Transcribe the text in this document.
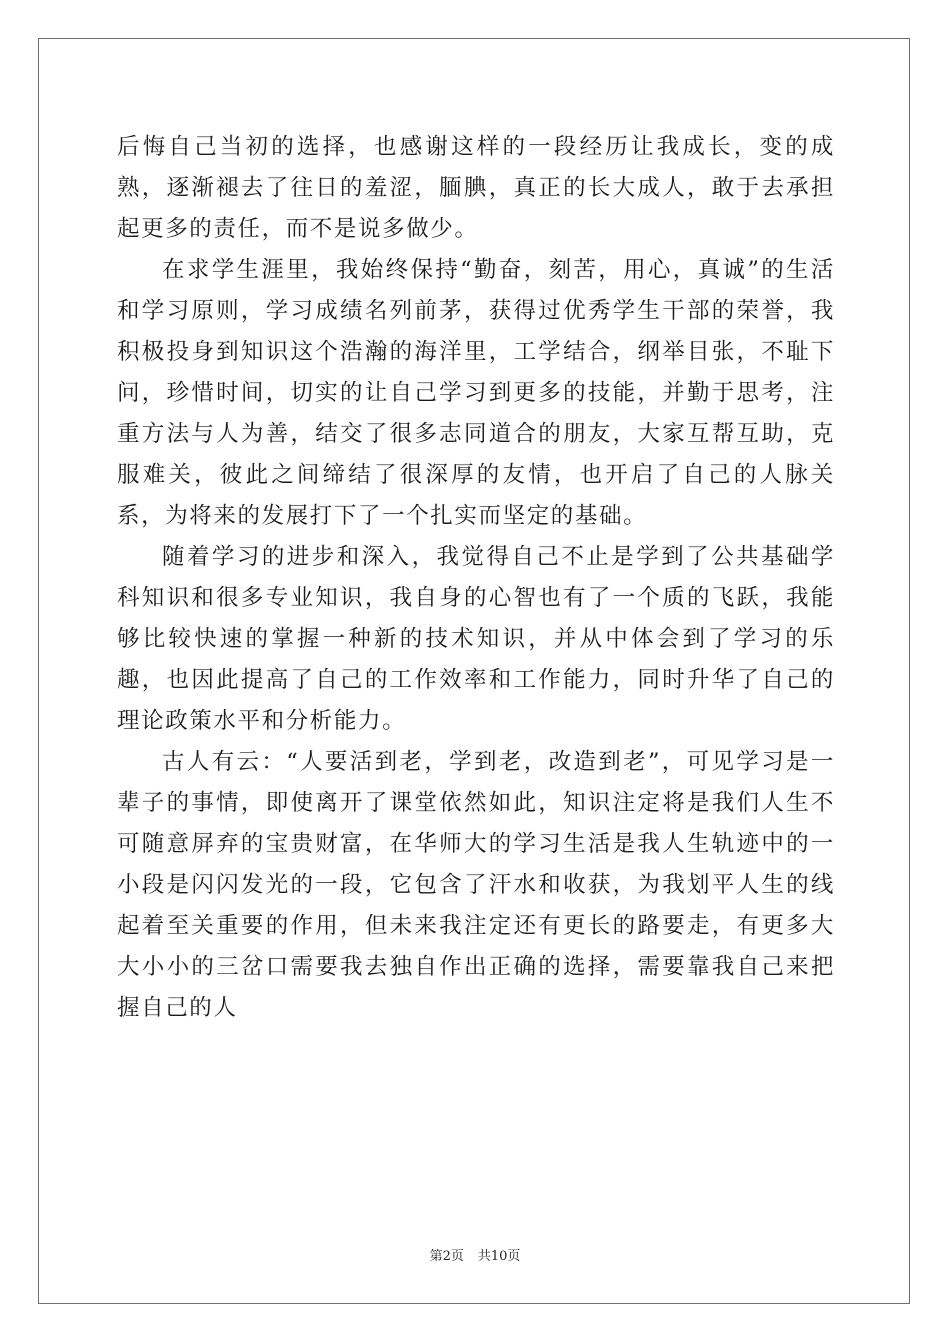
后悔自己当初的选择，也感谢这样的一段经历让我成长，变的成熟，逐渐褪去了往日的羞涩，腼腆，真正的长大成人，敢于去承担起更多的责任，而不是说多做少。

在求学生涯里，我始终保持“勤奋，刻苦，用心，真诚”的生活和学习原则，学习成绩名列前茅，获得过优秀学生干部的荣誉，我积极投身到知识这个浩瀚的海洋里，工学结合，纲举目张，不耻下问，珍惜时间，切实的让自己学习到更多的技能，并勤于思考，注重方法与人为善，结交了很多志同道合的朋友，大家互帮互助，克服难关，彼此之间缔结了很深厚的友情，也开启了自己的人脉关系，为将来的发展打下了一个扎实而坚定的基础。

随着学习的进步和深入，我觉得自己不止是学到了公共基础学科知识和很多专业知识，我自身的心智也有了一个质的飞跃，我能够比较快速的掌握一种新的技术知识，并从中体会到了学习的乐趣，也因此提高了自己的工作效率和工作能力，同时升华了自己的理论政策水平和分析能力。

古人有云：“人要活到老，学到老，改造到老”，可见学习是一辈子的事情，即使离开了课堂依然如此，知识注定将是我们人生不可随意屏弃的宝贵财富，在华师大的学习生活是我人生轨迹中的一小段是闪闪发光的一段，它包含了汗水和收获，为我划平人生的线起着至关重要的作用，但未来我注定还有更长的路要走，有更多大大小小的三岔口需要我去独自作出正确的选择，需要靠我自己来把握自己的人

第2页 共10页
